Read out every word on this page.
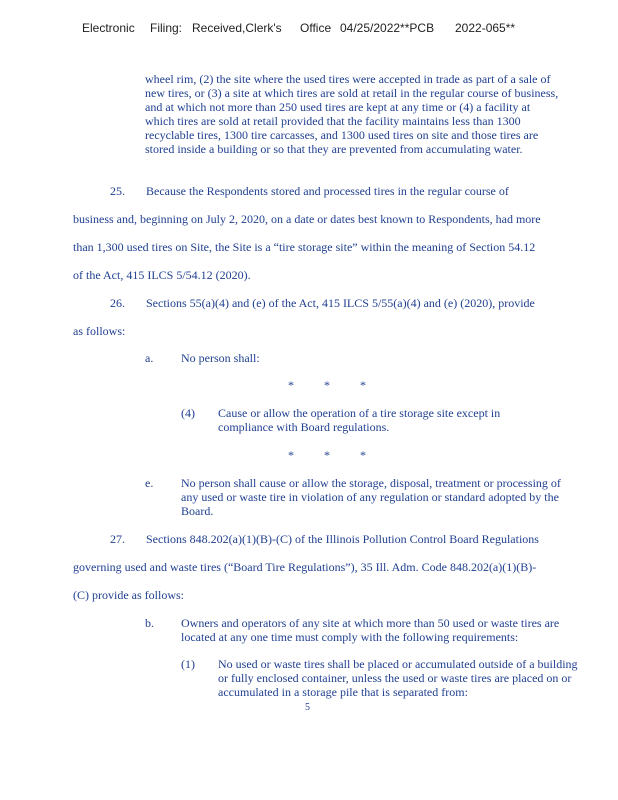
Electronic Filing: Received,Clerk's Office 04/25/2022**PCB 2022-065**

wheel rim, (2) the site where the used tires were accepted in trade as part of a sale of new tires, or (3) a site at which tires are sold at retail in the regular course of business, and at which not more than 250 used tires are kept at any time or (4) a facility at which tires are sold at retail provided that the facility maintains less than 1300 recyclable tires, 1300 tire carcasses, and 1300 used tires on site and those tires are stored inside a building or so that they are prevented from accumulating water.

25.       Because the Respondents stored and processed tires in the regular course of

business and, beginning on July 2, 2020, on a date or dates best known to Respondents, had more

than 1,300 used tires on Site, the Site is a “tire storage site” within the meaning of Section 54.12

of the Act, 415 ILCS 5/54.12 (2020).

26.       Sections 55(a)(4) and (e) of the Act, 415 ILCS 5/55(a)(4) and (e) (2020), provide

as follows:

a. No person shall:

*	*	*

(4) Cause or allow the operation of a tire storage site except in compliance with Board regulations.

*	*	*

e. No person shall cause or allow the storage, disposal, treatment or processing of any used or waste tire in violation of any regulation or standard adopted by the Board.

27.       Sections 848.202(a)(1)(B)-(C) of the Illinois Pollution Control Board Regulations

governing used and waste tires (“Board Tire Regulations”), 35 Ill. Adm. Code 848.202(a)(1)(B)-

(C) provide as follows:

b. Owners and operators of any site at which more than 50 used or waste tires are located at any one time must comply with the following requirements:

(1) No used or waste tires shall be placed or accumulated outside of a building or fully enclosed container, unless the used or waste tires are placed on or accumulated in a storage pile that is separated from:

5
